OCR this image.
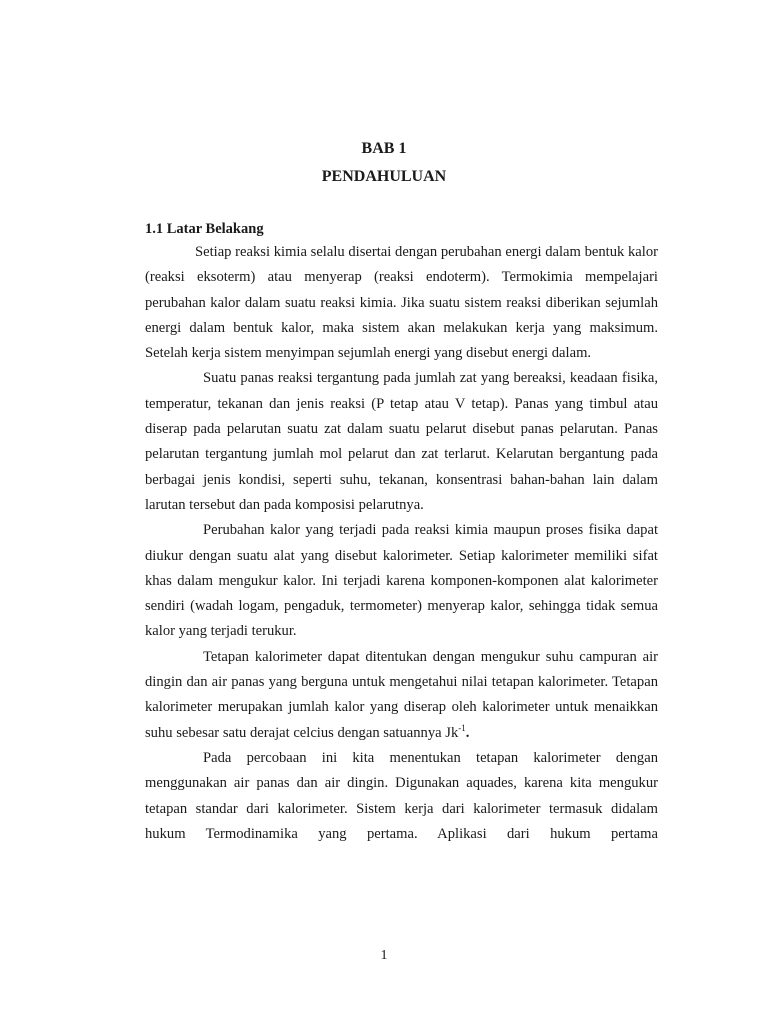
BAB 1
PENDAHULUAN
1.1 Latar Belakang

Setiap reaksi kimia selalu disertai dengan perubahan energi dalam bentuk kalor (reaksi eksoterm) atau menyerap (reaksi endoterm). Termokimia mempelajari perubahan kalor dalam suatu reaksi kimia. Jika suatu sistem reaksi diberikan sejumlah energi dalam bentuk kalor, maka sistem akan melakukan kerja yang maksimum. Setelah kerja sistem menyimpan sejumlah energi yang disebut energi dalam.

Suatu panas reaksi tergantung pada jumlah zat yang bereaksi, keadaan fisika, temperatur, tekanan dan jenis reaksi (P tetap atau V tetap). Panas yang timbul atau diserap pada pelarutan suatu zat dalam suatu pelarut disebut panas pelarutan. Panas pelarutan tergantung jumlah mol pelarut dan zat terlarut. Kelarutan bergantung pada berbagai jenis kondisi, seperti suhu, tekanan, konsentrasi bahan-bahan lain dalam larutan tersebut dan pada komposisi pelarutnya.

Perubahan kalor yang terjadi pada reaksi kimia maupun proses fisika dapat diukur dengan suatu alat yang disebut kalorimeter. Setiap kalorimeter memiliki sifat khas dalam mengukur kalor. Ini terjadi karena komponen-komponen alat kalorimeter sendiri (wadah logam, pengaduk, termometer) menyerap kalor, sehingga tidak semua kalor yang terjadi terukur.

Tetapan kalorimeter dapat ditentukan dengan mengukur suhu campuran air dingin dan air panas yang berguna untuk mengetahui nilai tetapan kalorimeter. Tetapan kalorimeter merupakan jumlah kalor yang diserap oleh kalorimeter untuk menaikkan suhu sebesar satu derajat celcius dengan satuannya $Jk^{-1}$.

Pada percobaan ini kita menentukan tetapan kalorimeter dengan menggunakan air panas dan air dingin. Digunakan aquades, karena kita mengukur tetapan standar dari kalorimeter. Sistem kerja dari kalorimeter termasuk didalam hukum Termodinamika yang pertama. Aplikasi dari hukum pertama

1
